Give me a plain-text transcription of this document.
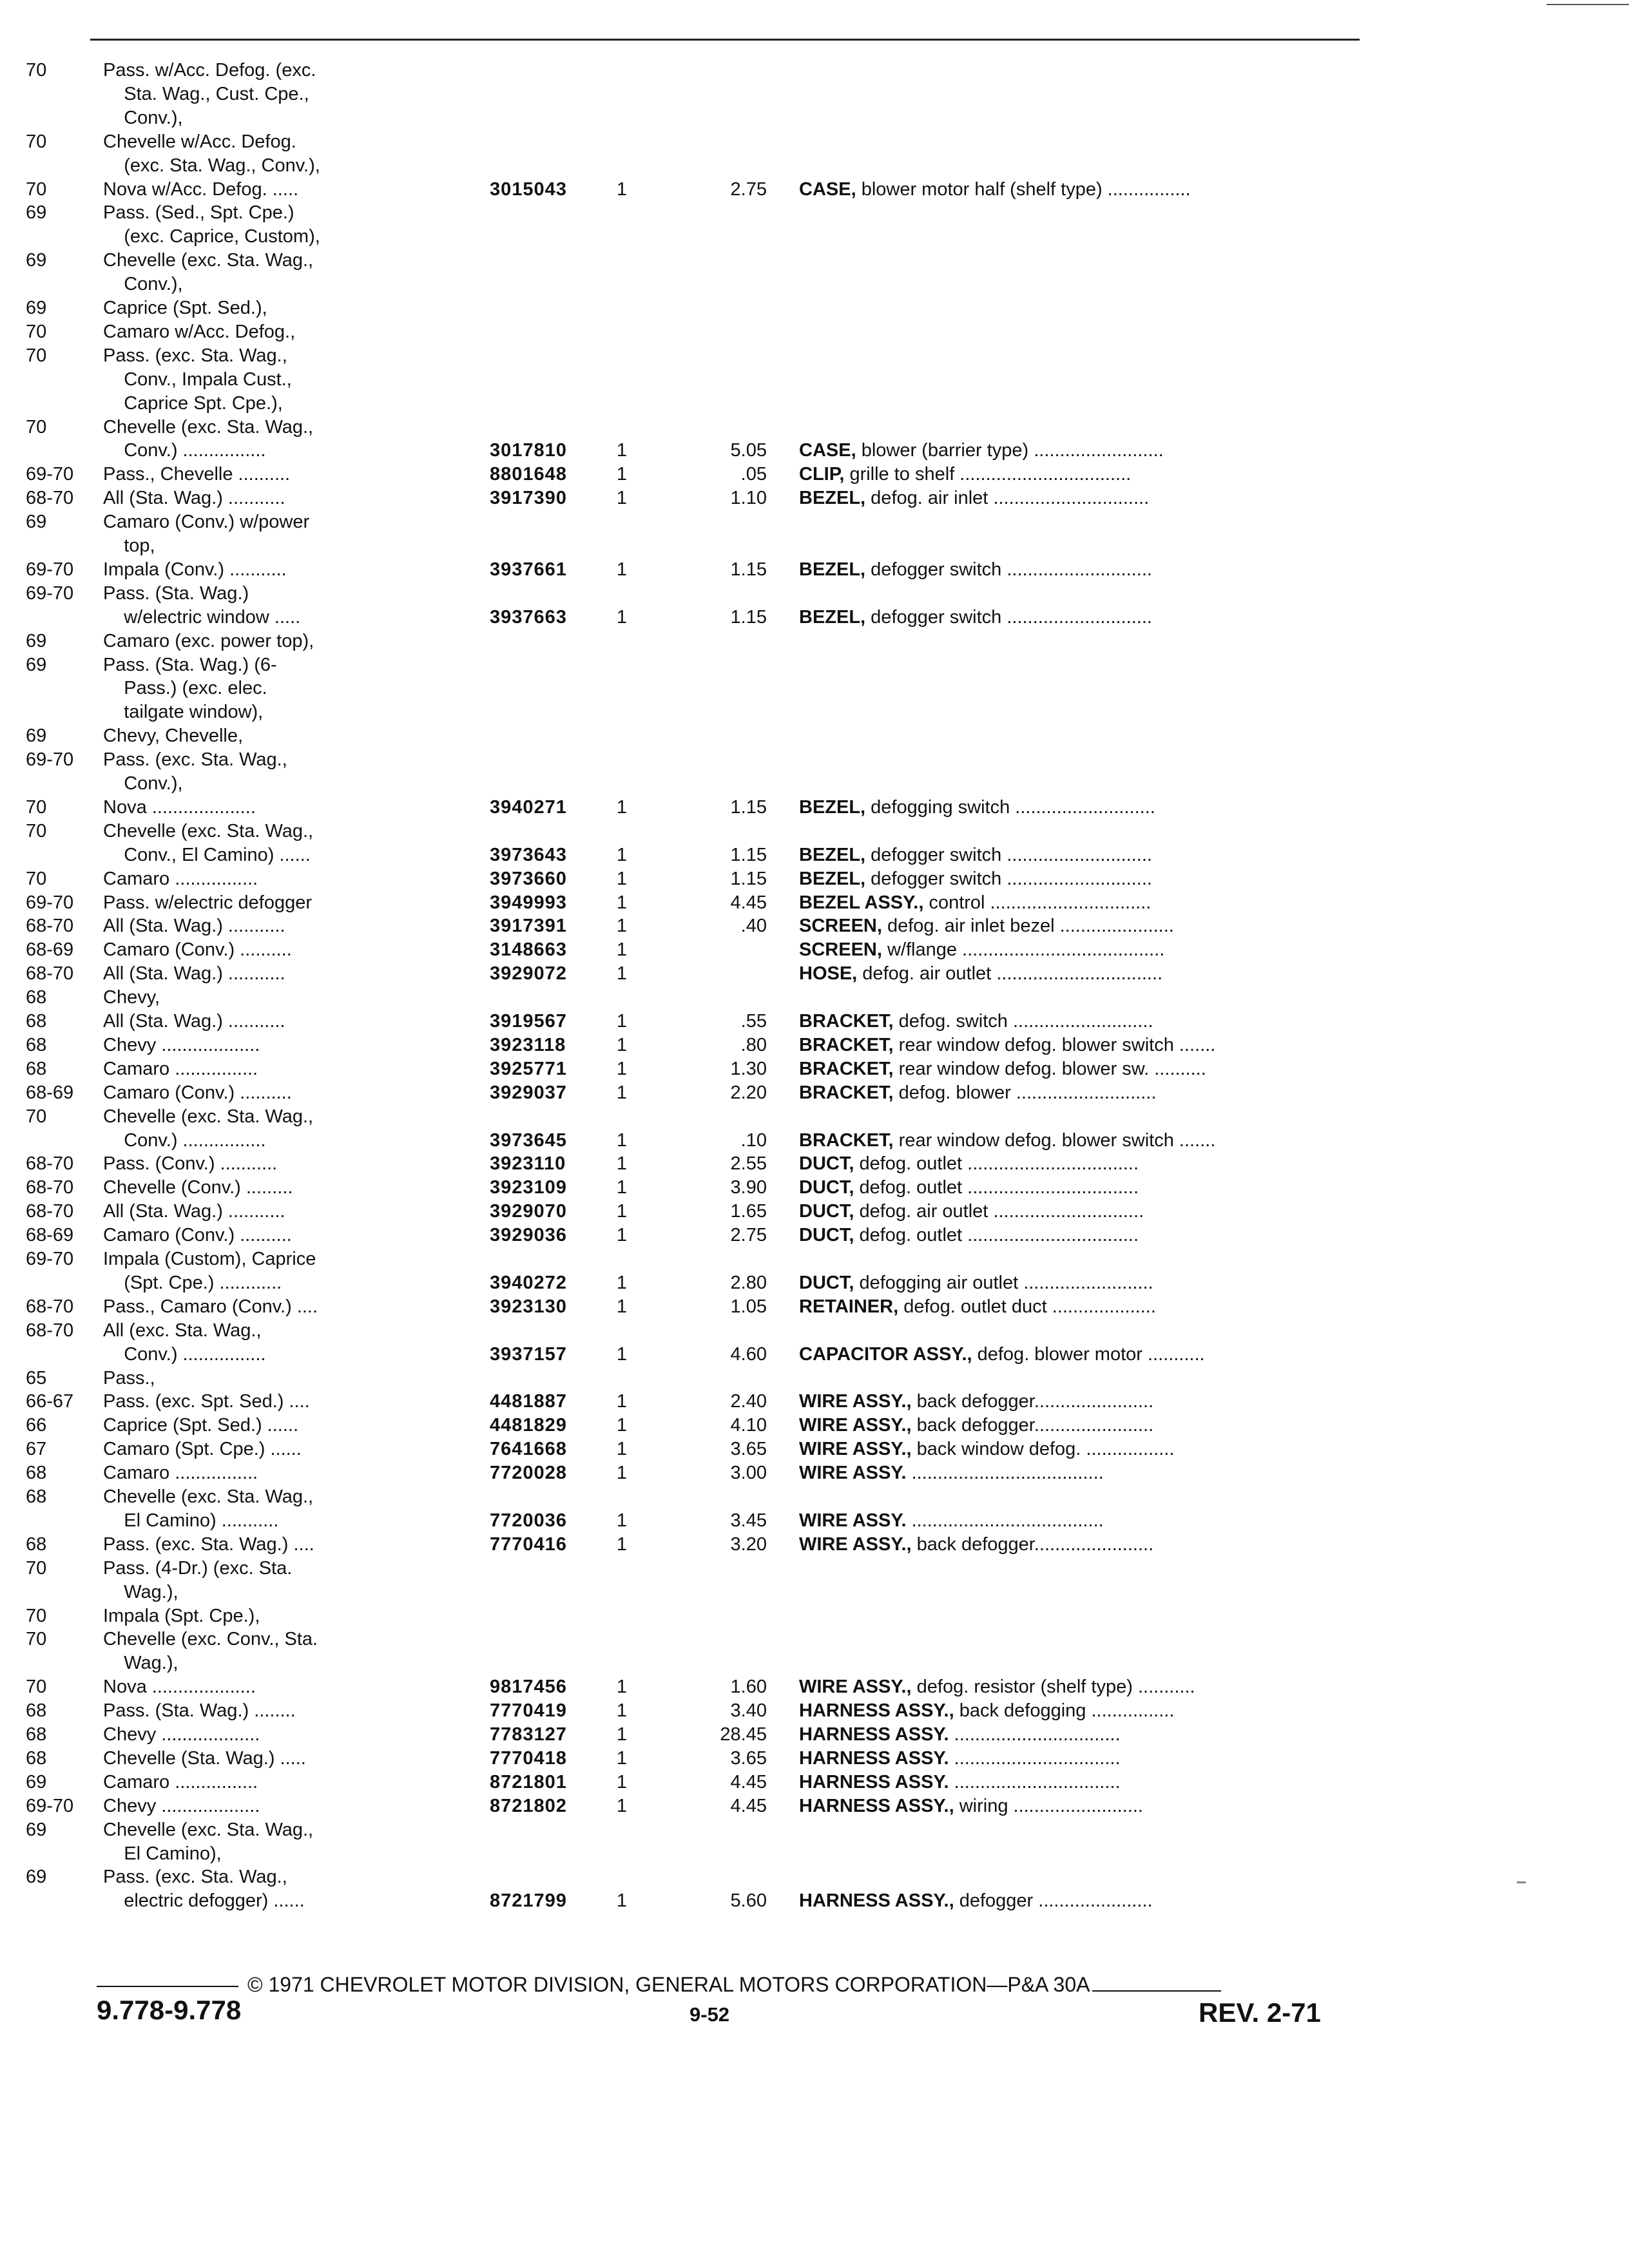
70	Pass. w/Acc. Defog. (exc.
Sta. Wag., Cust. Cpe.,
Conv.),
70	Chevelle w/Acc. Defog.
(exc. Sta. Wag., Conv.),
70	Nova w/Acc. Defog. .....	3015043	1	2.75 CASE, blower motor half (shelf type) ................
69	Pass. (Sed., Spt. Cpe.)
(exc. Caprice, Custom),
69	Chevelle (exc. Sta. Wag.,
Conv.),
69	Caprice (Spt. Sed.),
70	Camaro w/Acc. Defog.,
70	Pass. (exc. Sta. Wag.,
Conv., Impala Cust.,
Caprice Spt. Cpe.),
70	Chevelle (exc. Sta. Wag.,
Conv.) ................	3017810	1	5.05 CASE, blower (barrier type) .........................
69-70	Pass., Chevelle ..........	8801648	1	.05 CLIP, grille to shelf .................................
68-70	All (Sta. Wag.) ...........	3917390	1	1.10 BEZEL, defog. air inlet ..............................
69	Camaro (Conv.) w/power
top,
69-70	Impala (Conv.) ...........	3937661	1	1.15 BEZEL, defogger switch ............................
69-70	Pass. (Sta. Wag.)
w/electric window .....	3937663	1	1.15 BEZEL, defogger switch ............................
69	Camaro (exc. power top),
69	Pass. (Sta. Wag.) (6-
Pass.) (exc. elec.
tailgate window),
69	Chevy, Chevelle,
69-70	Pass. (exc. Sta. Wag.,
Conv.),
70	Nova ....................	3940271	1	1.15 BEZEL, defogging switch ...........................
70	Chevelle (exc. Sta. Wag.,
Conv., El Camino) ......	3973643	1	1.15 BEZEL, defogger switch ............................
70	Camaro ................	3973660	1	1.15 BEZEL, defogger switch ............................
69-70	Pass. w/electric defogger	3949993	1	4.45 BEZEL ASSY., control ...............................
68-70	All (Sta. Wag.) ...........	3917391	1	.40 SCREEN, defog. air inlet bezel ......................
68-69	Camaro (Conv.) ..........	3148663	1	SCREEN, w/flange .......................................
68-70	All (Sta. Wag.) ...........	3929072	1	HOSE, defog. air outlet ................................
68	Chevy,
68	All (Sta. Wag.) ...........	3919567	1	.55 BRACKET, defog. switch ...........................
68	Chevy ...................	3923118	1	.80 BRACKET, rear window defog. blower switch .......
68	Camaro ................	3925771	1	1.30 BRACKET, rear window defog. blower sw. ..........
68-69	Camaro (Conv.) ..........	3929037	1	2.20 BRACKET, defog. blower ...........................
70	Chevelle (exc. Sta. Wag.,
Conv.) ................	3973645	1	.10 BRACKET, rear window defog. blower switch .......
68-70	Pass. (Conv.) ...........	3923110	1	2.55 DUCT, defog. outlet .................................
68-70	Chevelle (Conv.) .........	3923109	1	3.90 DUCT, defog. outlet .................................
68-70	All (Sta. Wag.) ...........	3929070	1	1.65 DUCT, defog. air outlet .............................
68-69	Camaro (Conv.) ..........	3929036	1	2.75 DUCT, defog. outlet .................................
69-70	Impala (Custom), Caprice
(Spt. Cpe.) ............	3940272	1	2.80 DUCT, defogging air outlet .........................
68-70	Pass., Camaro (Conv.) ....	3923130	1	1.05 RETAINER, defog. outlet duct ....................
68-70	All (exc. Sta. Wag.,
Conv.) ................	3937157	1	4.60 CAPACITOR ASSY., defog. blower motor ...........
65	Pass.,
66-67	Pass. (exc. Spt. Sed.) ....	4481887	1	2.40 WIRE ASSY., back defogger.......................
66	Caprice (Spt. Sed.) ......	4481829	1	4.10 WIRE ASSY., back defogger.......................
67	Camaro (Spt. Cpe.) ......	7641668	1	3.65 WIRE ASSY., back window defog. .................
68	Camaro ................	7720028	1	3.00 WIRE ASSY. .....................................
68	Chevelle (exc. Sta. Wag.,
El Camino) ...........	7720036	1	3.45 WIRE ASSY. .....................................
68	Pass. (exc. Sta. Wag.) ....	7770416	1	3.20 WIRE ASSY., back defogger.......................
70	Pass. (4-Dr.) (exc. Sta.
Wag.),
70	Impala (Spt. Cpe.),
70	Chevelle (exc. Conv., Sta.
Wag.),
70	Nova ....................	9817456	1	1.60 WIRE ASSY., defog. resistor (shelf type) ...........
68	Pass. (Sta. Wag.) ........	7770419	1	3.40 HARNESS ASSY., back defogging ................
68	Chevy ...................	7783127	1	28.45 HARNESS ASSY. ................................
68	Chevelle (Sta. Wag.) .....	7770418	1	3.65 HARNESS ASSY. ................................
69	Camaro ................	8721801	1	4.45 HARNESS ASSY. ................................
69-70	Chevy ...................	8721802	1	4.45 HARNESS ASSY., wiring .........................
69	Chevelle (exc. Sta. Wag.,
El Camino),
69	Pass. (exc. Sta. Wag.,
electric defogger) ......	8721799	1	5.60 HARNESS ASSY., defogger ......................
© 1971 CHEVROLET MOTOR DIVISION, GENERAL MOTORS CORPORATION—P&A 30A
9.778-9.778	9-52	REV. 2-71
